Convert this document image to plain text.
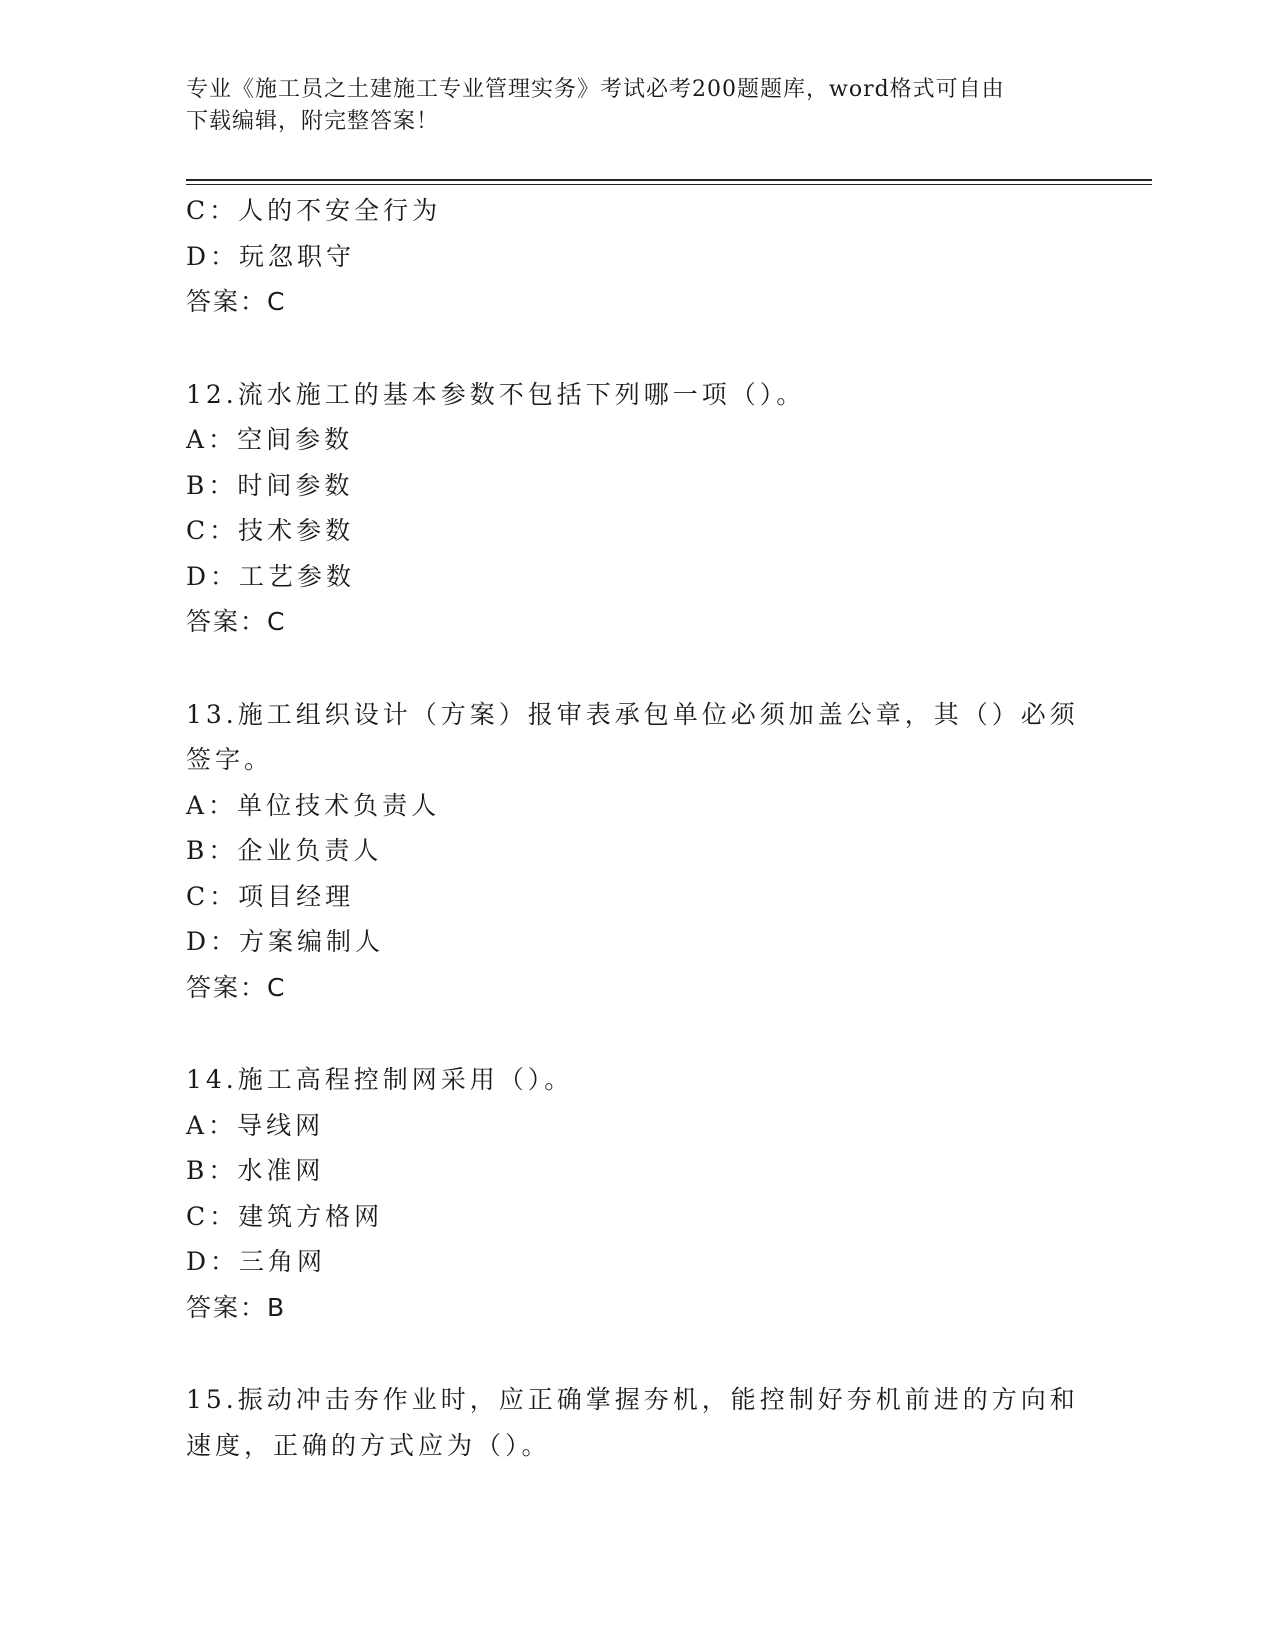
专业《施工员之土建施工专业管理实务》考试必考200题题库，word格式可自由
下载编辑，附完整答案！
C：人的不安全行为
D：玩忽职守
答案：C
12.流水施工的基本参数不包括下列哪一项（）。
A：空间参数
B：时间参数
C：技术参数
D：工艺参数
答案：C
13.施工组织设计（方案）报审表承包单位必须加盖公章，其（）必须
签字。
A：单位技术负责人
B：企业负责人
C：项目经理
D：方案编制人
答案：C
14.施工高程控制网采用（）。
A：导线网
B：水准网
C：建筑方格网
D：三角网
答案：B
15.振动冲击夯作业时，应正确掌握夯机，能控制好夯机前进的方向和
速度，正确的方式应为（）。
